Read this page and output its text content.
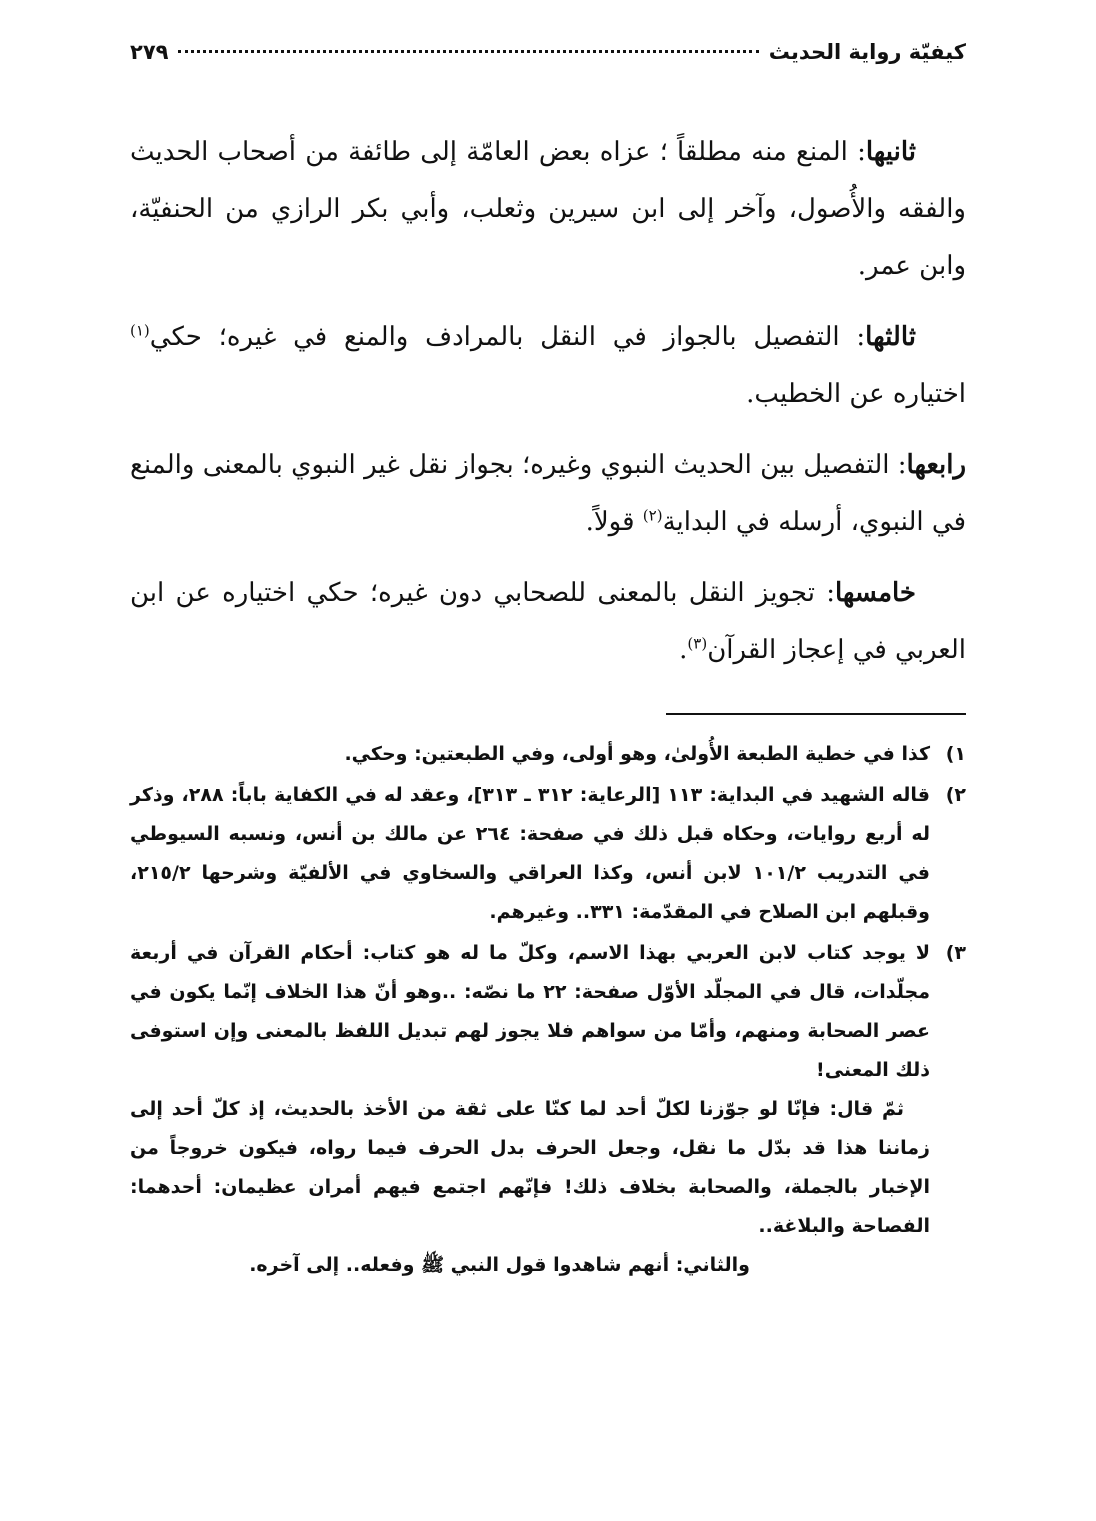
كيفيّة رواية الحديث
٢٧٩

ثانيها: المنع منه مطلقاً ؛ عزاه بعض العامّة إلى طائفة من أصحاب الحديث والفقه والأُصول، وآخر إلى ابن سيرين وثعلب، وأبي بكر الرازي من الحنفيّة، وابن عمر.

ثالثها: التفصيل بالجواز في النقل بالمرادف والمنع في غيره؛ حكي$^{(١)}$ اختياره عن الخطيب.

رابعها: التفصيل بين الحديث النبوي وغيره؛ بجواز نقل غير النبوي بالمعنى والمنع في النبوي، أرسله في البداية$^{(٢)}$ قولاً.

خامسها: تجويز النقل بالمعنى للصحابي دون غيره؛ حكي اختياره عن ابن العربي في إعجاز القرآن$^{(٣)}$.

١)

كذا في خطية الطبعة الأُولىٰ، وهو أولى، وفي الطبعتين: وحكي.

٢)

قاله الشهيد في البداية: ١١٣ [الرعاية: ٣١٢ ـ ٣١٣]، وعقد له في الكفاية باباً: ٢٨٨، وذكر له أربع روايات، وحكاه قبل ذلك في صفحة: ٢٦٤ عن مالك بن أنس، ونسبه السيوطي في التدريب ١٠١/٢ لابن أنس، وكذا العراقي والسخاوي في الألفيّة وشرحها ٢١٥/٢، وقبلهم ابن الصلاح في المقدّمة: ٣٣١.. وغيرهم.

٣)

لا يوجد كتاب لابن العربي بهذا الاسم، وكلّ ما له هو كتاب: أحكام القرآن في أربعة مجلّدات، قال في المجلّد الأوّل صفحة: ٢٢ ما نصّه: ..وهو أنّ هذا الخلاف إنّما يكون في عصر الصحابة ومنهم، وأمّا من سواهم فلا يجوز لهم تبديل اللفظ بالمعنى وإن استوفى ذلك المعنى!

ثمّ قال: فإنّا لو جوّزنا لكلّ أحد لما كنّا على ثقة من الأخذ بالحديث، إذ كلّ أحد إلى زماننا هذا قد بدّل ما نقل، وجعل الحرف بدل الحرف فيما رواه، فيكون خروجاً من الإخبار بالجملة، والصحابة بخلاف ذلك! فإنّهم اجتمع فيهم أمران عظيمان: أحدهما: الفصاحة والبلاغة..

والثاني: أنهم شاهدوا قول النبي ﷺ وفعله.. إلى آخره.
